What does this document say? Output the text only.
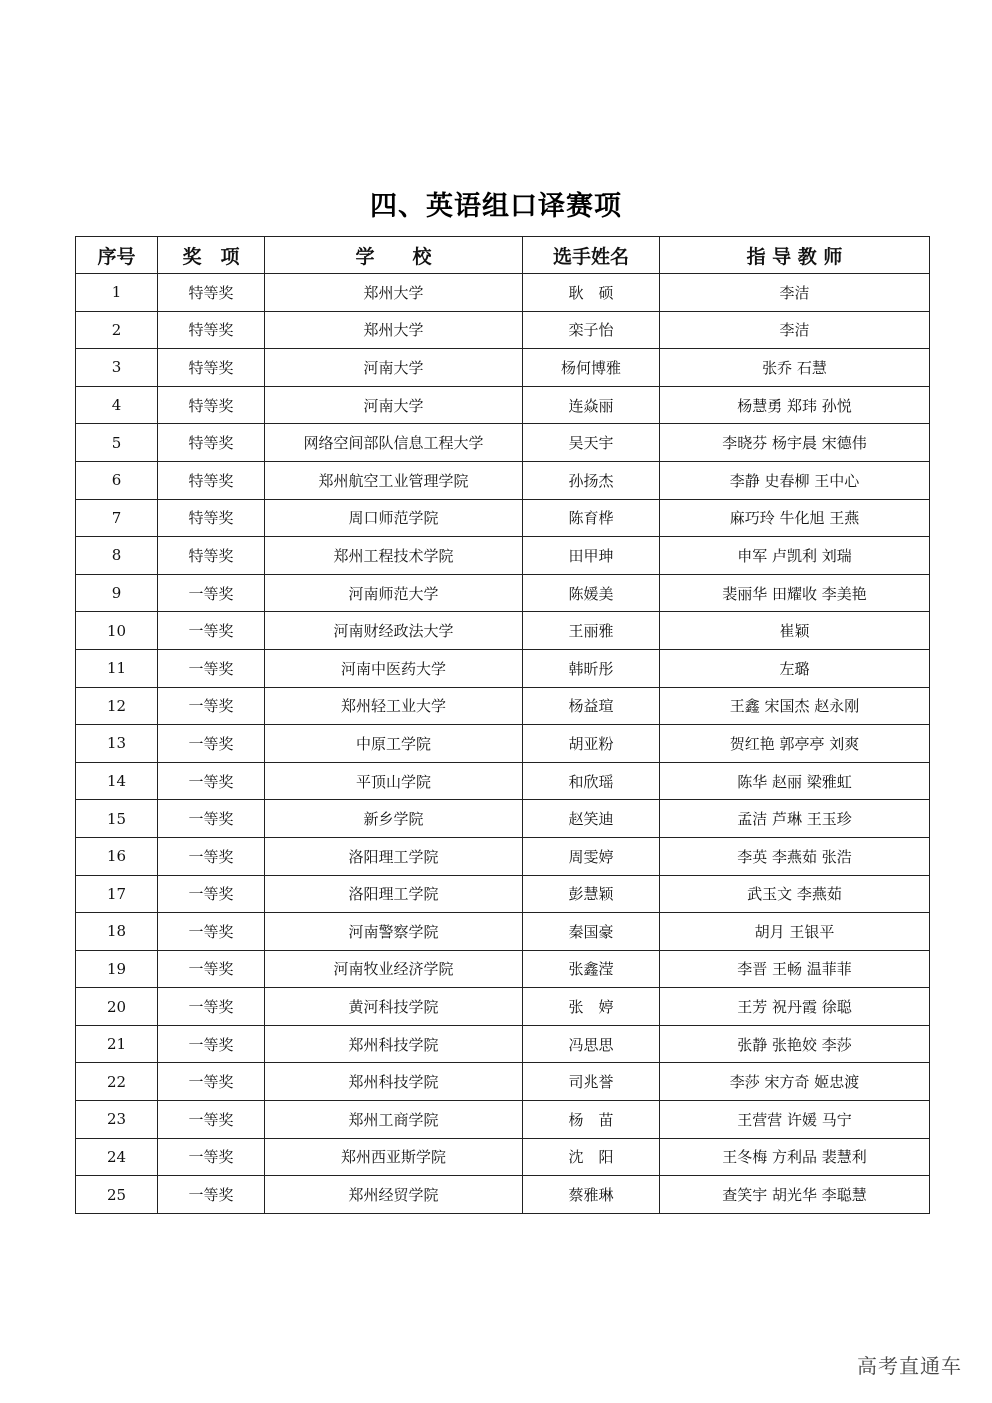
四、英语组口译赛项
序号	奖　项	学　　校	选手姓名	指 导 教 师
1	特等奖	郑州大学	耿　硕	李洁
2	特等奖	郑州大学	栾子怡	李洁
3	特等奖	河南大学	杨何博雅	张乔 石慧
4	特等奖	河南大学	连焱丽	杨慧勇 郑玮 孙悦
5	特等奖	网络空间部队信息工程大学	吴天宇	李晓芬 杨宇晨 宋德伟
6	特等奖	郑州航空工业管理学院	孙扬杰	李静 史春柳 王中心
7	特等奖	周口师范学院	陈育桦	麻巧玲 牛化旭 王燕
8	特等奖	郑州工程技术学院	田甲珅	申军 卢凯利 刘瑞
9	一等奖	河南师范大学	陈媛美	裴丽华 田耀收 李美艳
10	一等奖	河南财经政法大学	王丽雅	崔颖
11	一等奖	河南中医药大学	韩昕彤	左璐
12	一等奖	郑州轻工业大学	杨益瑄	王鑫 宋国杰 赵永刚
13	一等奖	中原工学院	胡亚粉	贺红艳 郭亭亭 刘爽
14	一等奖	平顶山学院	和欣瑶	陈华 赵丽 梁雅虹
15	一等奖	新乡学院	赵笑迪	孟洁 芦琳 王玉珍
16	一等奖	洛阳理工学院	周雯婷	李英 李燕茹 张浩
17	一等奖	洛阳理工学院	彭慧颖	武玉文 李燕茹
18	一等奖	河南警察学院	秦国豪	胡月 王银平
19	一等奖	河南牧业经济学院	张鑫滢	李晋 王畅 温菲菲
20	一等奖	黄河科技学院	张　婷	王芳 祝丹霞 徐聪
21	一等奖	郑州科技学院	冯思思	张静 张艳姣 李莎
22	一等奖	郑州科技学院	司兆誉	李莎 宋方奇 姬忠渡
23	一等奖	郑州工商学院	杨　苗	王营营 许媛 马宁
24	一等奖	郑州西亚斯学院	沈　阳	王冬梅 方利品 裴慧利
25	一等奖	郑州经贸学院	蔡雅琳	查笑宇 胡光华 李聪慧
高考直通车
